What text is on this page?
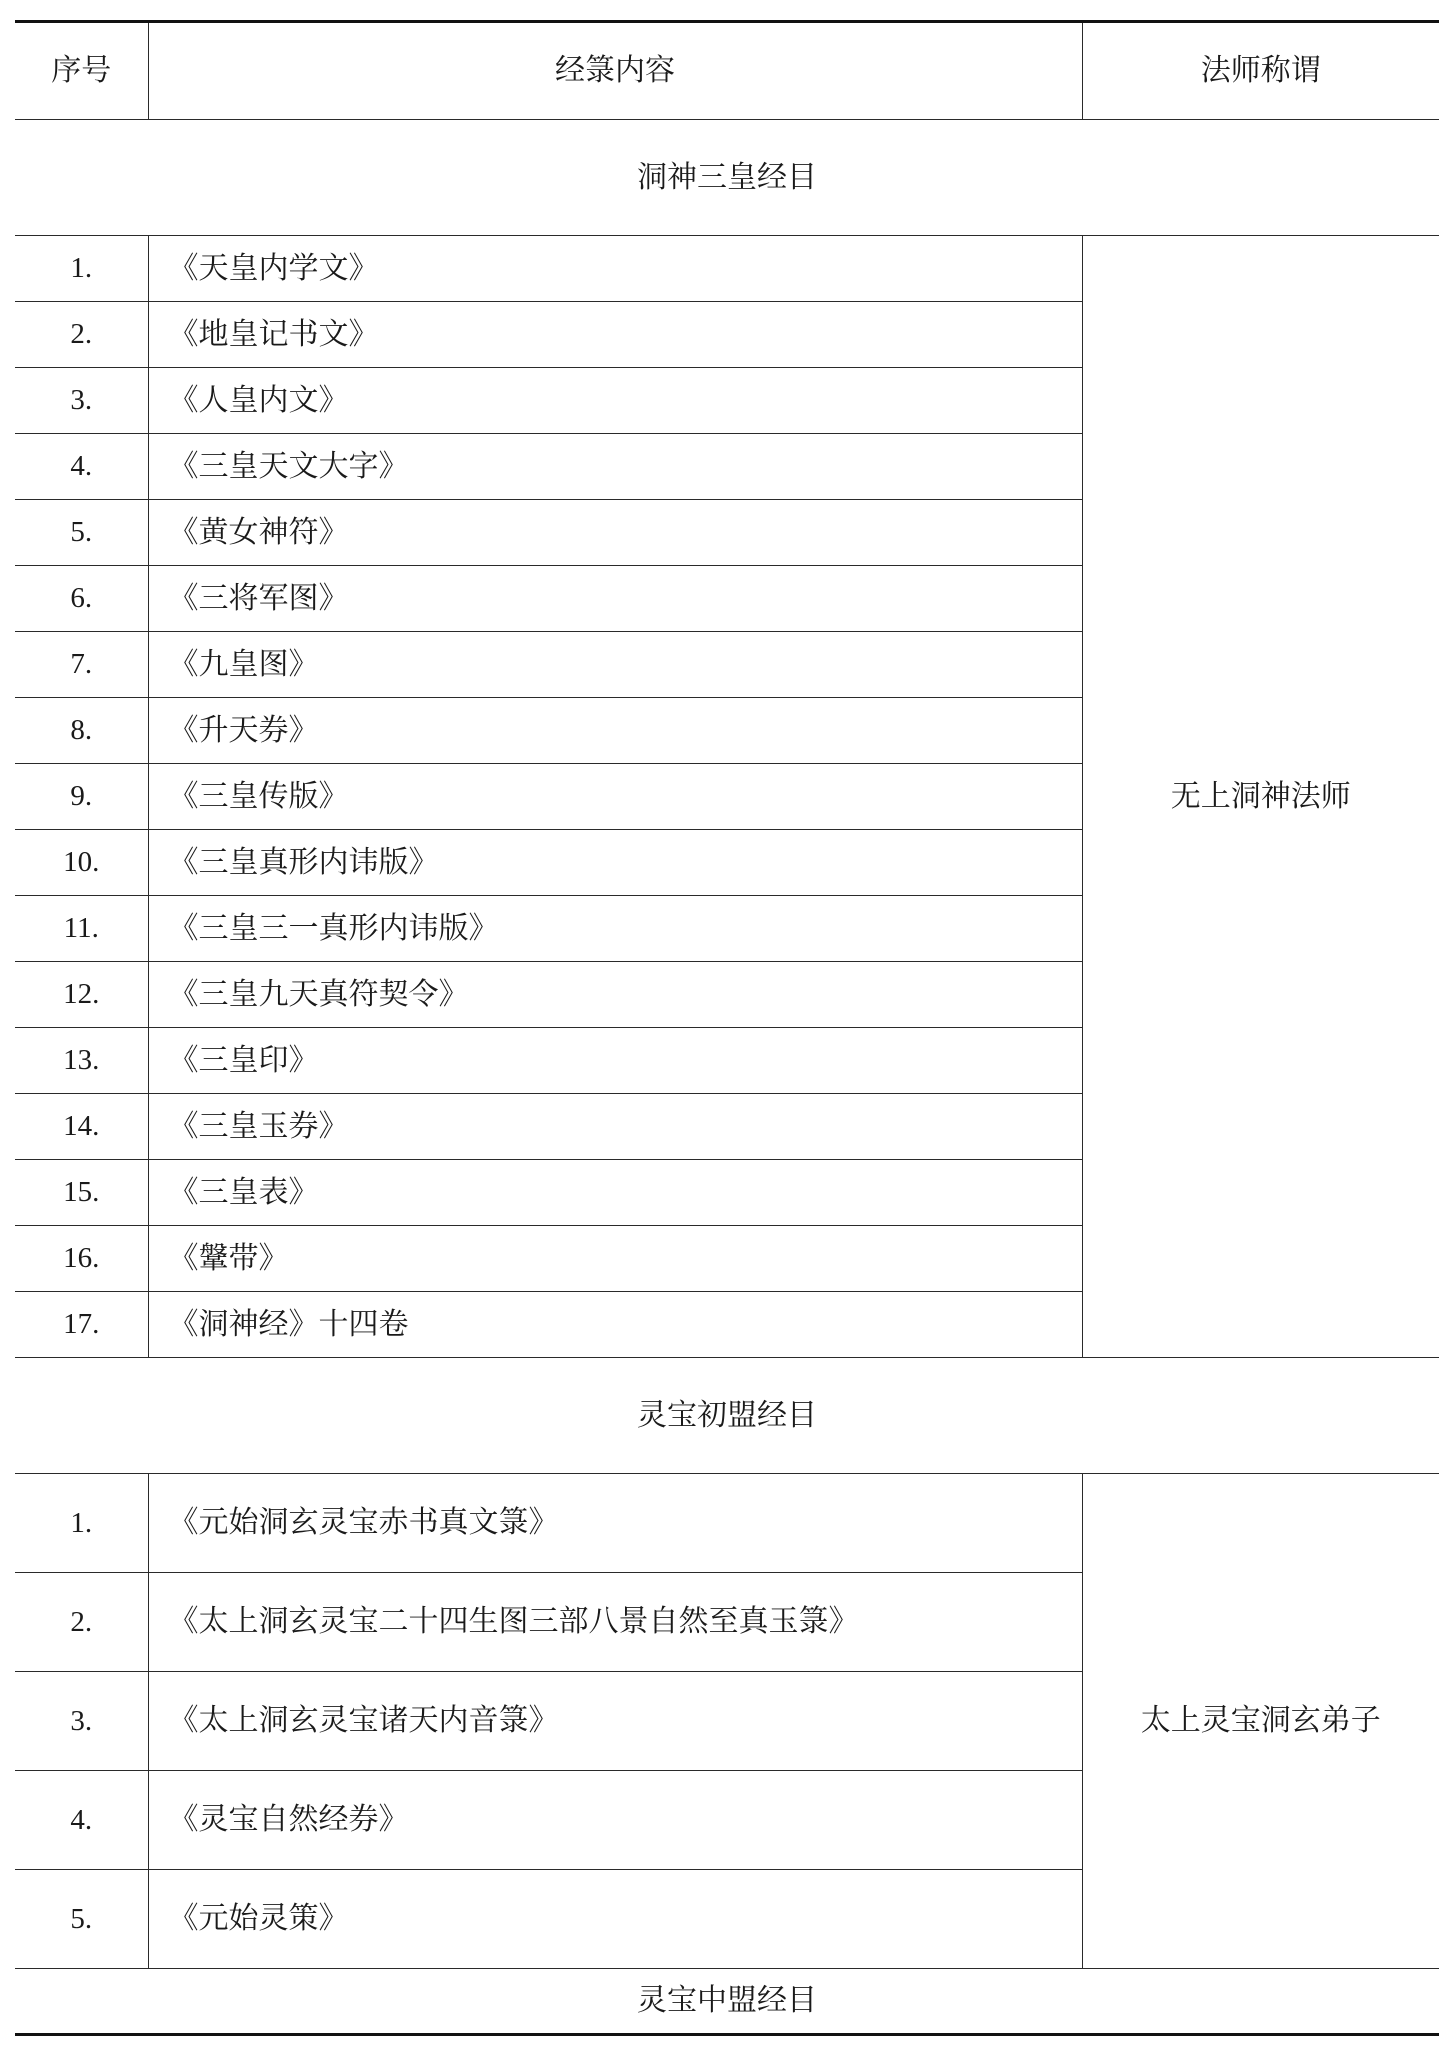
序号	经箓内容	法师称谓
洞神三皇经目		
1.	《天皇内学文》	无上洞神法师
2.	《地皇记书文》	
3.	《人皇内文》	
4.	《三皇天文大字》	
5.	《黄女神符》	
6.	《三将军图》	
7.	《九皇图》	
8.	《升天券》	
9.	《三皇传版》	
10.	《三皇真形内讳版》	
11.	《三皇三一真形内讳版》	
12.	《三皇九天真符契令》	
13.	《三皇印》	
14.	《三皇玉券》	
15.	《三皇表》	
16.	《鞶带》	
17.	《洞神经》十四卷	
灵宝初盟经目		
1.	《元始洞玄灵宝赤书真文箓》	太上灵宝洞玄弟子
2.	《太上洞玄灵宝二十四生图三部八景自然至真玉箓》	
3.	《太上洞玄灵宝诸天内音箓》	
4.	《灵宝自然经券》	
5.	《元始灵策》	
灵宝中盟经目		
